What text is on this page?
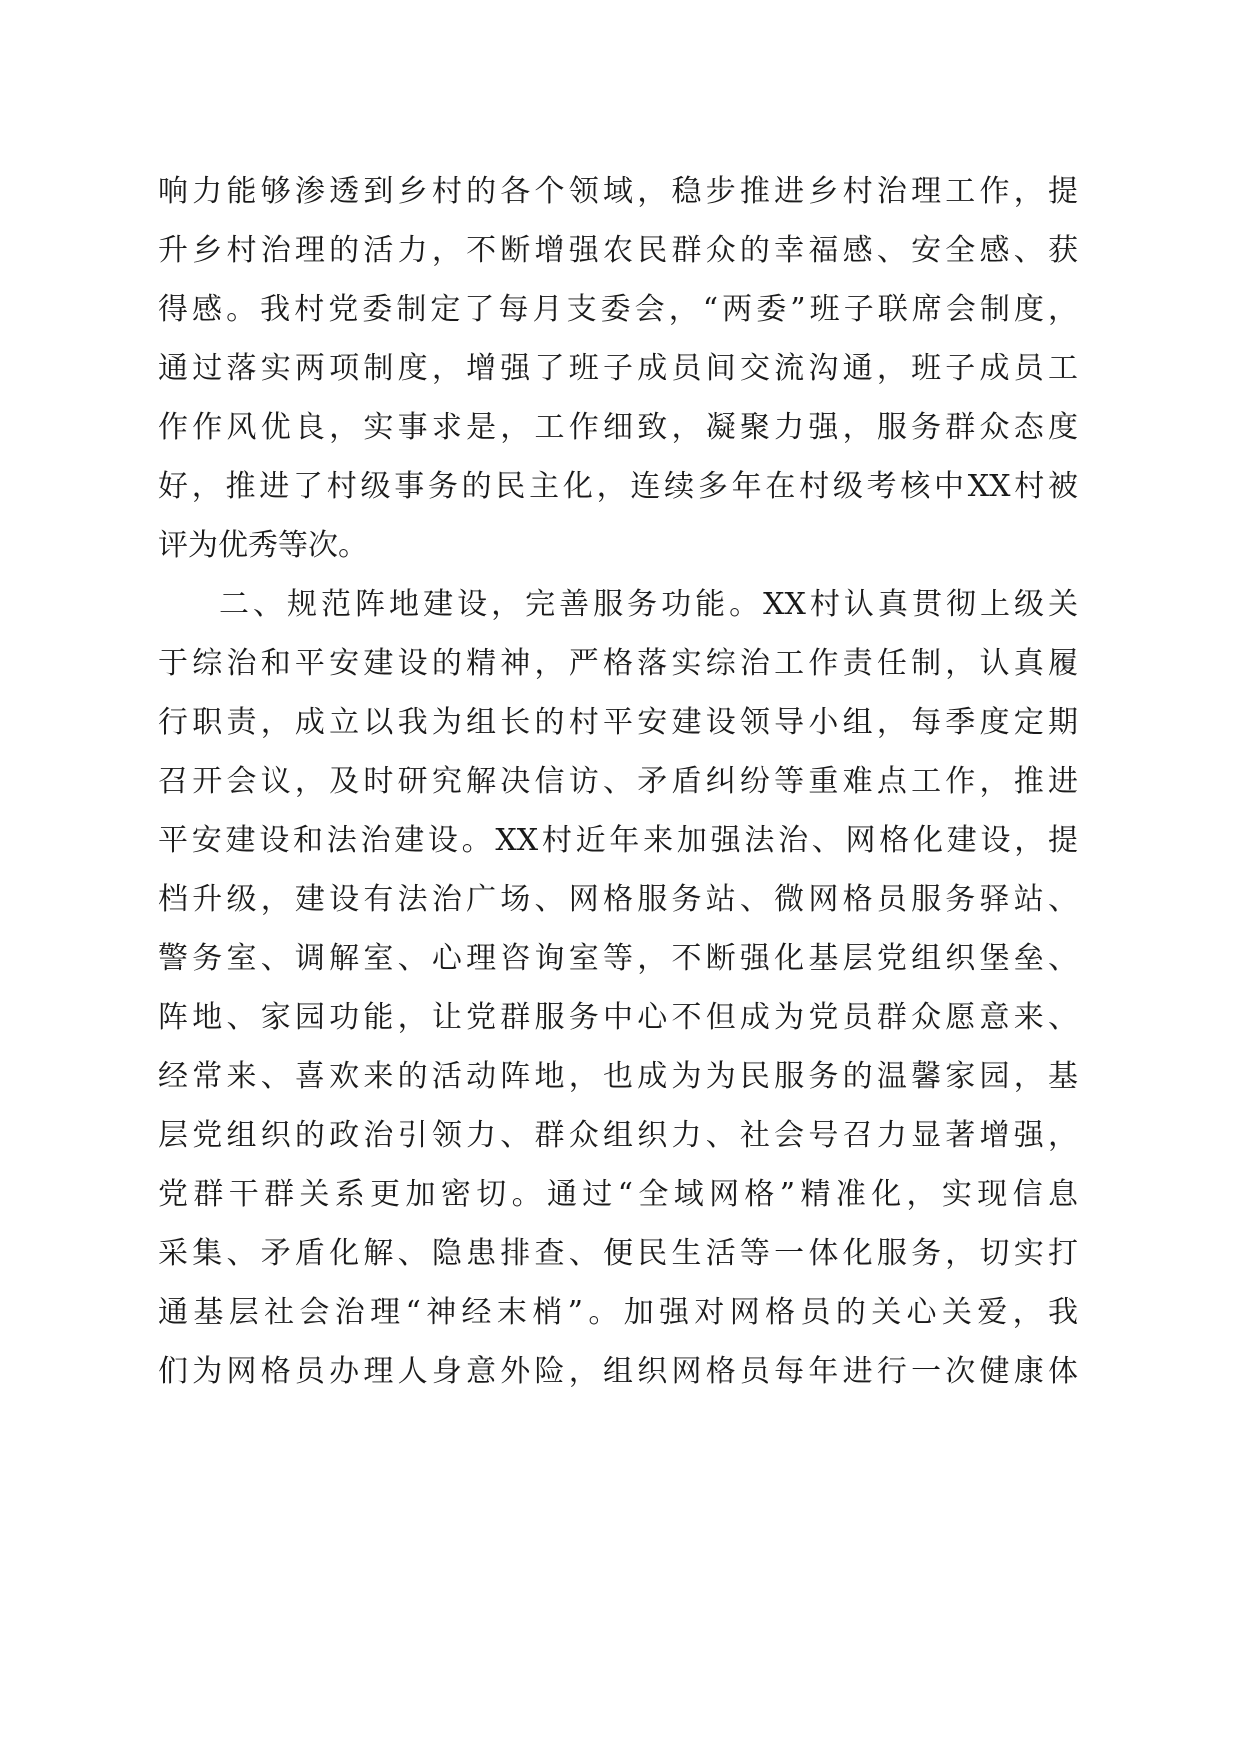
响力能够渗透到乡村的各个领域，稳步推进乡村治理工作，提

升乡村治理的活力，不断增强农民群众的幸福感、安全感、获

得感。我村党委制定了每月支委会，“两委”班子联席会制度，

通过落实两项制度，增强了班子成员间交流沟通，班子成员工

作作风优良，实事求是，工作细致，凝聚力强，服务群众态度

好，推进了村级事务的民主化，连续多年在村级考核中XX村被

评为优秀等次。

二、规范阵地建设，完善服务功能。XX村认真贯彻上级关

于综治和平安建设的精神，严格落实综治工作责任制，认真履

行职责，成立以我为组长的村平安建设领导小组，每季度定期

召开会议，及时研究解决信访、矛盾纠纷等重难点工作，推进

平安建设和法治建设。XX村近年来加强法治、网格化建设，提

档升级，建设有法治广场、网格服务站、微网格员服务驿站、

警务室、调解室、心理咨询室等，不断强化基层党组织堡垒、

阵地、家园功能，让党群服务中心不但成为党员群众愿意来、

经常来、喜欢来的活动阵地，也成为为民服务的温馨家园，基

层党组织的政治引领力、群众组织力、社会号召力显著增强，

党群干群关系更加密切。通过“全域网格”精准化，实现信息

采集、矛盾化解、隐患排查、便民生活等一体化服务，切实打

通基层社会治理“神经末梢”。加强对网格员的关心关爱，我

们为网格员办理人身意外险，组织网格员每年进行一次健康体
